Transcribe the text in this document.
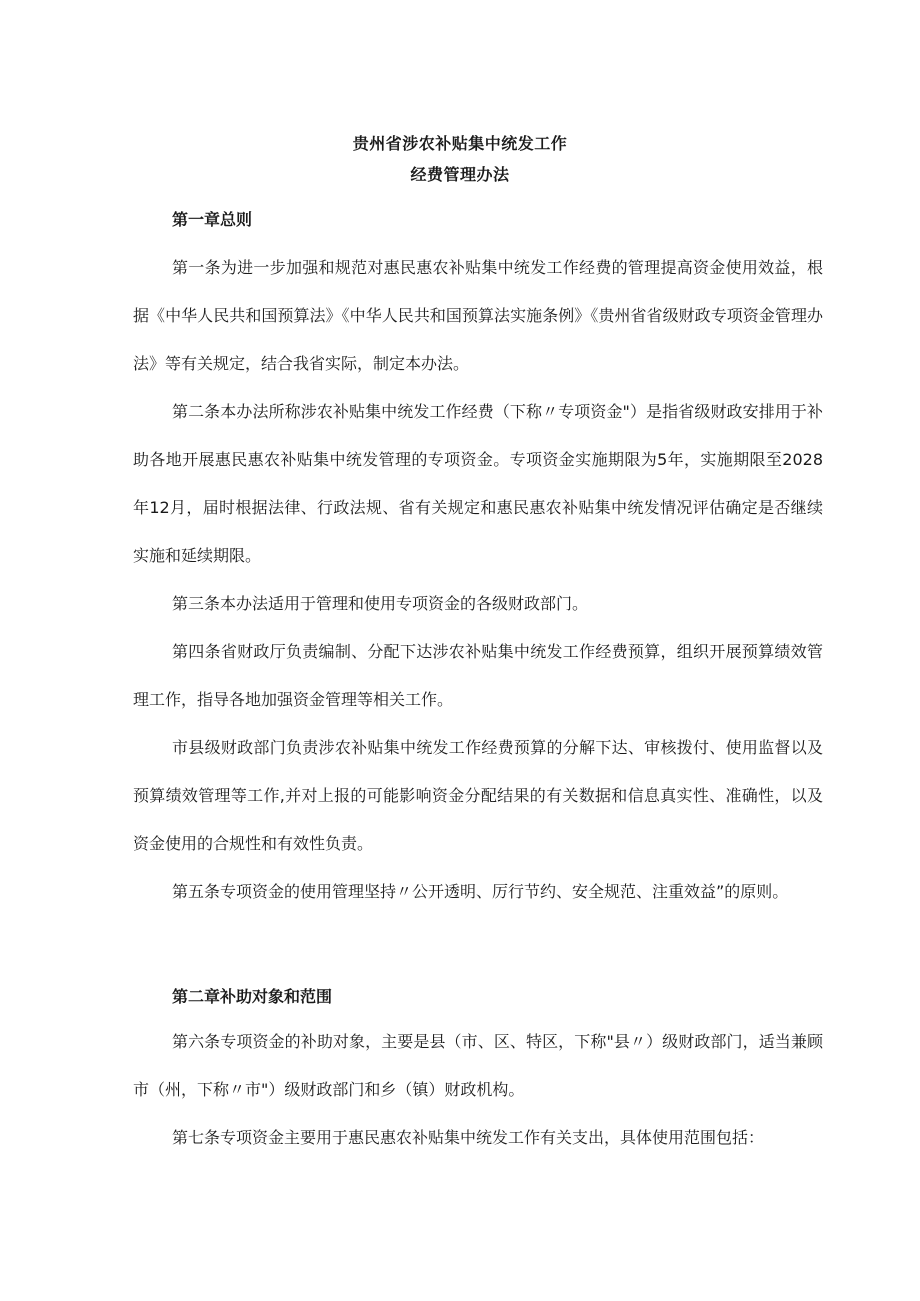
贵州省涉农补贴集中统发工作
经费管理办法
第一章总则

第一条为进一步加强和规范对惠民惠农补贴集中统发工作经费的管理提高资金使用效益，根据《中华人民共和国预算法》《中华人民共和国预算法实施条例》《贵州省省级财政专项资金管理办法》等有关规定，结合我省实际，制定本办法。

第二条本办法所称涉农补贴集中统发工作经费（下称〃专项资金"）是指省级财政安排用于补助各地开展惠民惠农补贴集中统发管理的专项资金。专项资金实施期限为5年，实施期限至2028年12月，届时根据法律、行政法规、省有关规定和惠民惠农补贴集中统发情况评估确定是否继续实施和延续期限。

第三条本办法适用于管理和使用专项资金的各级财政部门。

第四条省财政厅负责编制、分配下达涉农补贴集中统发工作经费预算，组织开展预算绩效管理工作，指导各地加强资金管理等相关工作。

市县级财政部门负责涉农补贴集中统发工作经费预算的分解下达、审核拨付、使用监督以及预算绩效管理等工作,并对上报的可能影响资金分配结果的有关数据和信息真实性、准确性，以及资金使用的合规性和有效性负责。

第五条专项资金的使用管理坚持〃公开透明、厉行节约、安全规范、注重效益”的原则。

第二章补助对象和范围

第六条专项资金的补助对象，主要是县（市、区、特区，下称"县〃）级财政部门，适当兼顾市（州，下称〃市"）级财政部门和乡（镇）财政机构。

第七条专项资金主要用于惠民惠农补贴集中统发工作有关支出，具体使用范围包括：
